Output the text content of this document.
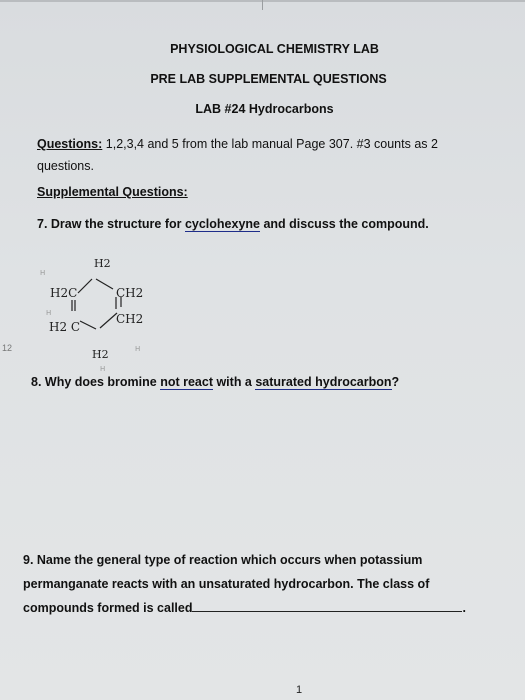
PHYSIOLOGICAL CHEMISTRY LAB
PRE LAB SUPPLEMENTAL QUESTIONS
LAB #24 Hydrocarbons
Questions: 1,2,3,4 and 5 from the lab manual Page 307. #3 counts as 2 questions.
Supplemental Questions:
7. Draw the structure for cyclohexyne and discuss the compound.
H2
H2C	CH2
H2 C
CH2
H2
H
H
H
H
12
8. Why does bromine not react with a saturated hydrocarbon?
9. Name the general type of reaction which occurs when potassium
permanganate reacts with an unsaturated hydrocarbon. The class of
compounds formed is called	.
1
